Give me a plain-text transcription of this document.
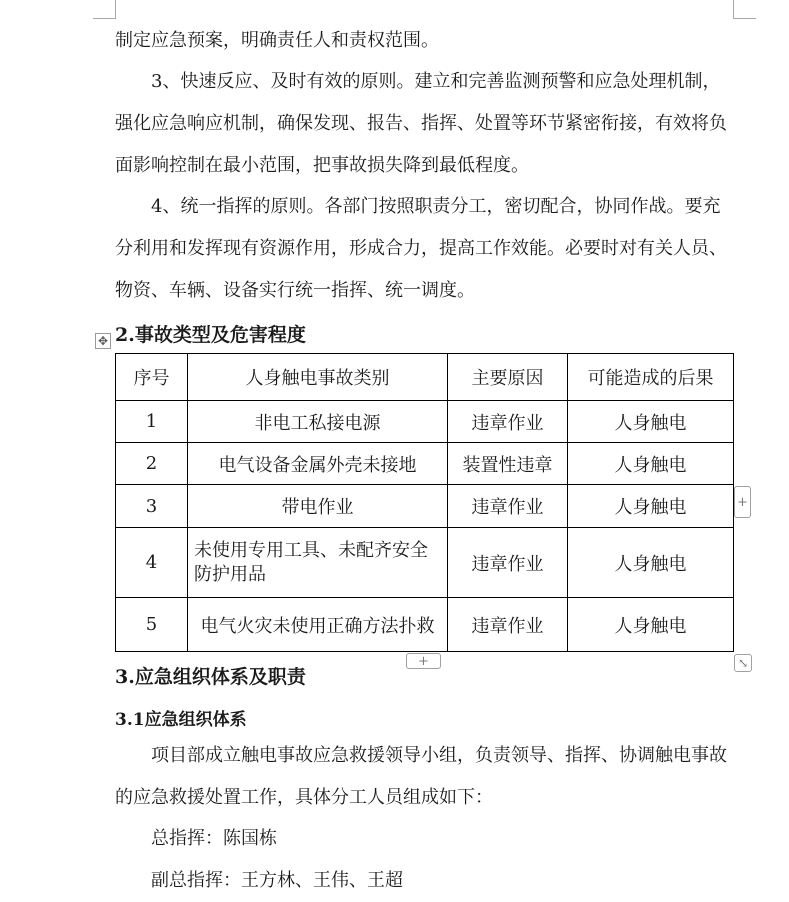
制定应急预案，明确责任人和责权范围。
3、快速反应、及时有效的原则。建立和完善监测预警和应急处理机制，强化应急响应机制，确保发现、报告、指挥、处置等环节紧密衔接，有效将负面影响控制在最小范围，把事故损失降到最低程度。
4、统一指挥的原则。各部门按照职责分工，密切配合，协同作战。要充分利用和发挥现有资源作用，形成合力，提高工作效能。必要时对有关人员、物资、车辆、设备实行统一指挥、统一调度。
2.事故类型及危害程度
✥
序号	人身触电事故类别	主要原因	可能造成的后果
1	非电工私接电源	违章作业	人身触电
2	电气设备金属外壳未接地	装置性违章	人身触电
3	带电作业	违章作业	人身触电
4	未使用专用工具、未配齐安全防护用品	违章作业	人身触电
5	电气火灾未使用正确方法扑救	违章作业	人身触电
+
+	⤡
3.应急组织体系及职责
3.1应急组织体系
项目部成立触电事故应急救援领导小组，负责领导、指挥、协调触电事故的应急救援处置工作，具体分工人员组成如下：
总指挥：陈国栋
副总指挥：王方林、王伟、王超
